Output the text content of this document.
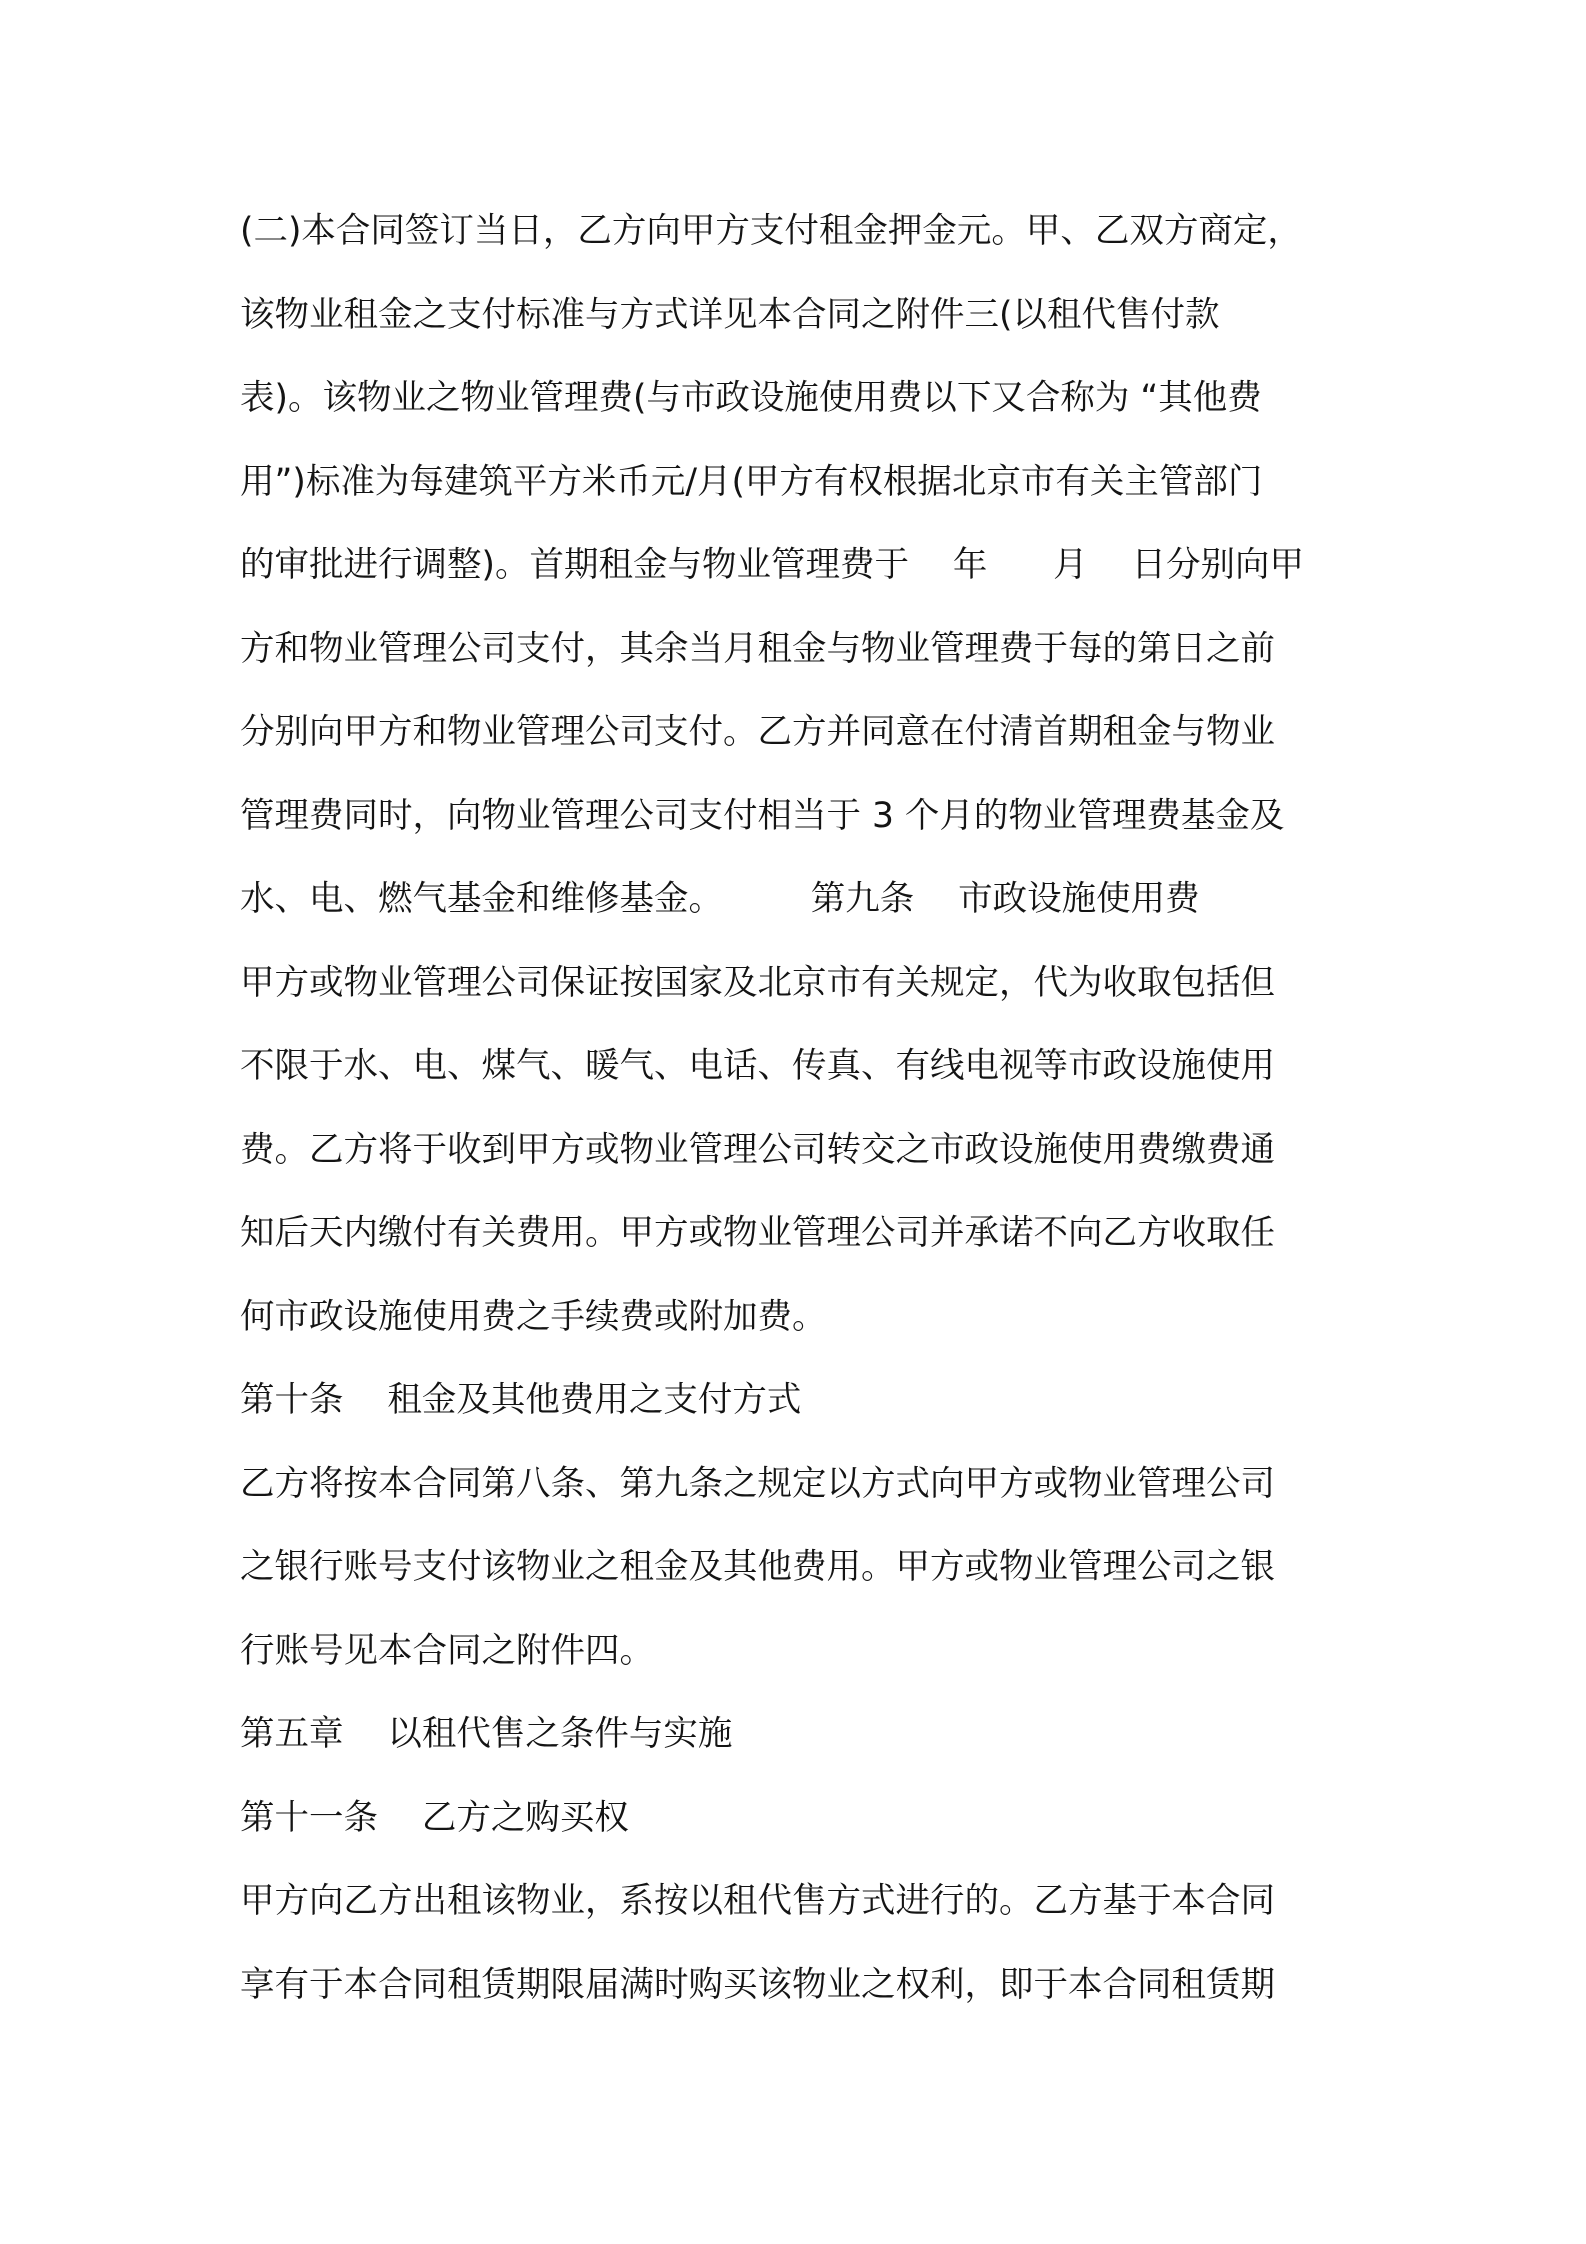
(二)本合同签订当日，乙方向甲方支付租金押金元。甲、乙双方商定，
该物业租金之支付标准与方式详见本合同之附件三(以租代售付款
表)。该物业之物业管理费(与市政设施使用费以下又合称为 “其他费
用”)标准为每建筑平方米币元/月(甲方有权根据北京市有关主管部门
的审批进行调整)。首期租金与物业管理费于    年      月    日分别向甲
方和物业管理公司支付，其余当月租金与物业管理费于每的第日之前
分别向甲方和物业管理公司支付。乙方并同意在付清首期租金与物业
管理费同时，向物业管理公司支付相当于 3 个月的物业管理费基金及
水、电、燃气基金和维修基金。        第九条    市政设施使用费
甲方或物业管理公司保证按国家及北京市有关规定，代为收取包括但
不限于水、电、煤气、暖气、电话、传真、有线电视等市政设施使用
费。乙方将于收到甲方或物业管理公司转交之市政设施使用费缴费通
知后天内缴付有关费用。甲方或物业管理公司并承诺不向乙方收取任
何市政设施使用费之手续费或附加费。
第十条    租金及其他费用之支付方式
乙方将按本合同第八条、第九条之规定以方式向甲方或物业管理公司
之银行账号支付该物业之租金及其他费用。甲方或物业管理公司之银
行账号见本合同之附件四。
第五章    以租代售之条件与实施
第十一条    乙方之购买权
甲方向乙方出租该物业，系按以租代售方式进行的。乙方基于本合同
享有于本合同租赁期限届满时购买该物业之权利，即于本合同租赁期
